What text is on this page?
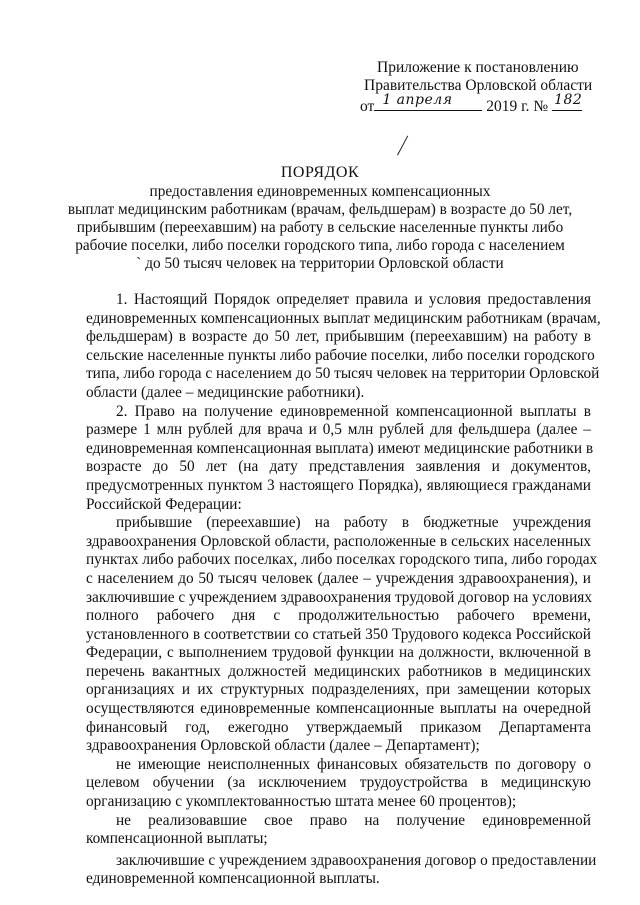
Приложение к постановлению
Правительства Орловской области
от 1 апреля 2019 г. № 182
ПОРЯДОК
предоставления единовременных компенсационных
выплат медицинским работникам (врачам, фельдшерам) в возрасте до 50 лет,
прибывшим (переехавшим) на работу в сельские населенные пункты либо
рабочие поселки, либо поселки городского типа, либо города с населением
` до 50 тысяч человек на территории Орловской области
1. Настоящий Порядок определяет правила и условия предоставления
единовременных компенсационных выплат медицинским работникам (врачам,
фельдшерам) в возрасте до 50 лет, прибывшим (переехавшим) на работу в
сельские населенные пункты либо рабочие поселки, либо поселки городского
типа, либо города с населением до 50 тысяч человек на территории Орловской
области (далее – медицинские работники).
2. Право на получение единовременной компенсационной выплаты в
размере 1 млн рублей для врача и 0,5 млн рублей для фельдшера (далее –
единовременная компенсационная выплата) имеют медицинские работники в
возрасте до 50 лет (на дату представления заявления и документов,
предусмотренных пунктом 3 настоящего Порядка), являющиеся гражданами
Российской Федерации:
прибывшие (переехавшие) на работу в бюджетные учреждения
здравоохранения Орловской области, расположенные в сельских населенных
пунктах либо рабочих поселках, либо поселках городского типа, либо городах
с населением до 50 тысяч человек (далее – учреждения здравоохранения), и
заключившие с учреждением здравоохранения трудовой договор на условиях
полного рабочего дня с продолжительностью рабочего времени,
установленного в соответствии со статьей 350 Трудового кодекса Российской
Федерации, с выполнением трудовой функции на должности, включенной в
перечень вакантных должностей медицинских работников в медицинских
организациях и их структурных подразделениях, при замещении которых
осуществляются единовременные компенсационные выплаты на очередной
финансовый год, ежегодно утверждаемый приказом Департамента
здравоохранения Орловской области (далее – Департамент);
не имеющие неисполненных финансовых обязательств по договору о
целевом обучении (за исключением трудоустройства в медицинскую
организацию с укомплектованностью штата менее 60 процентов);
не реализовавшие свое право на получение единовременной
компенсационной выплаты;
заключившие с учреждением здравоохранения договор о предоставлении
единовременной компенсационной выплаты.
